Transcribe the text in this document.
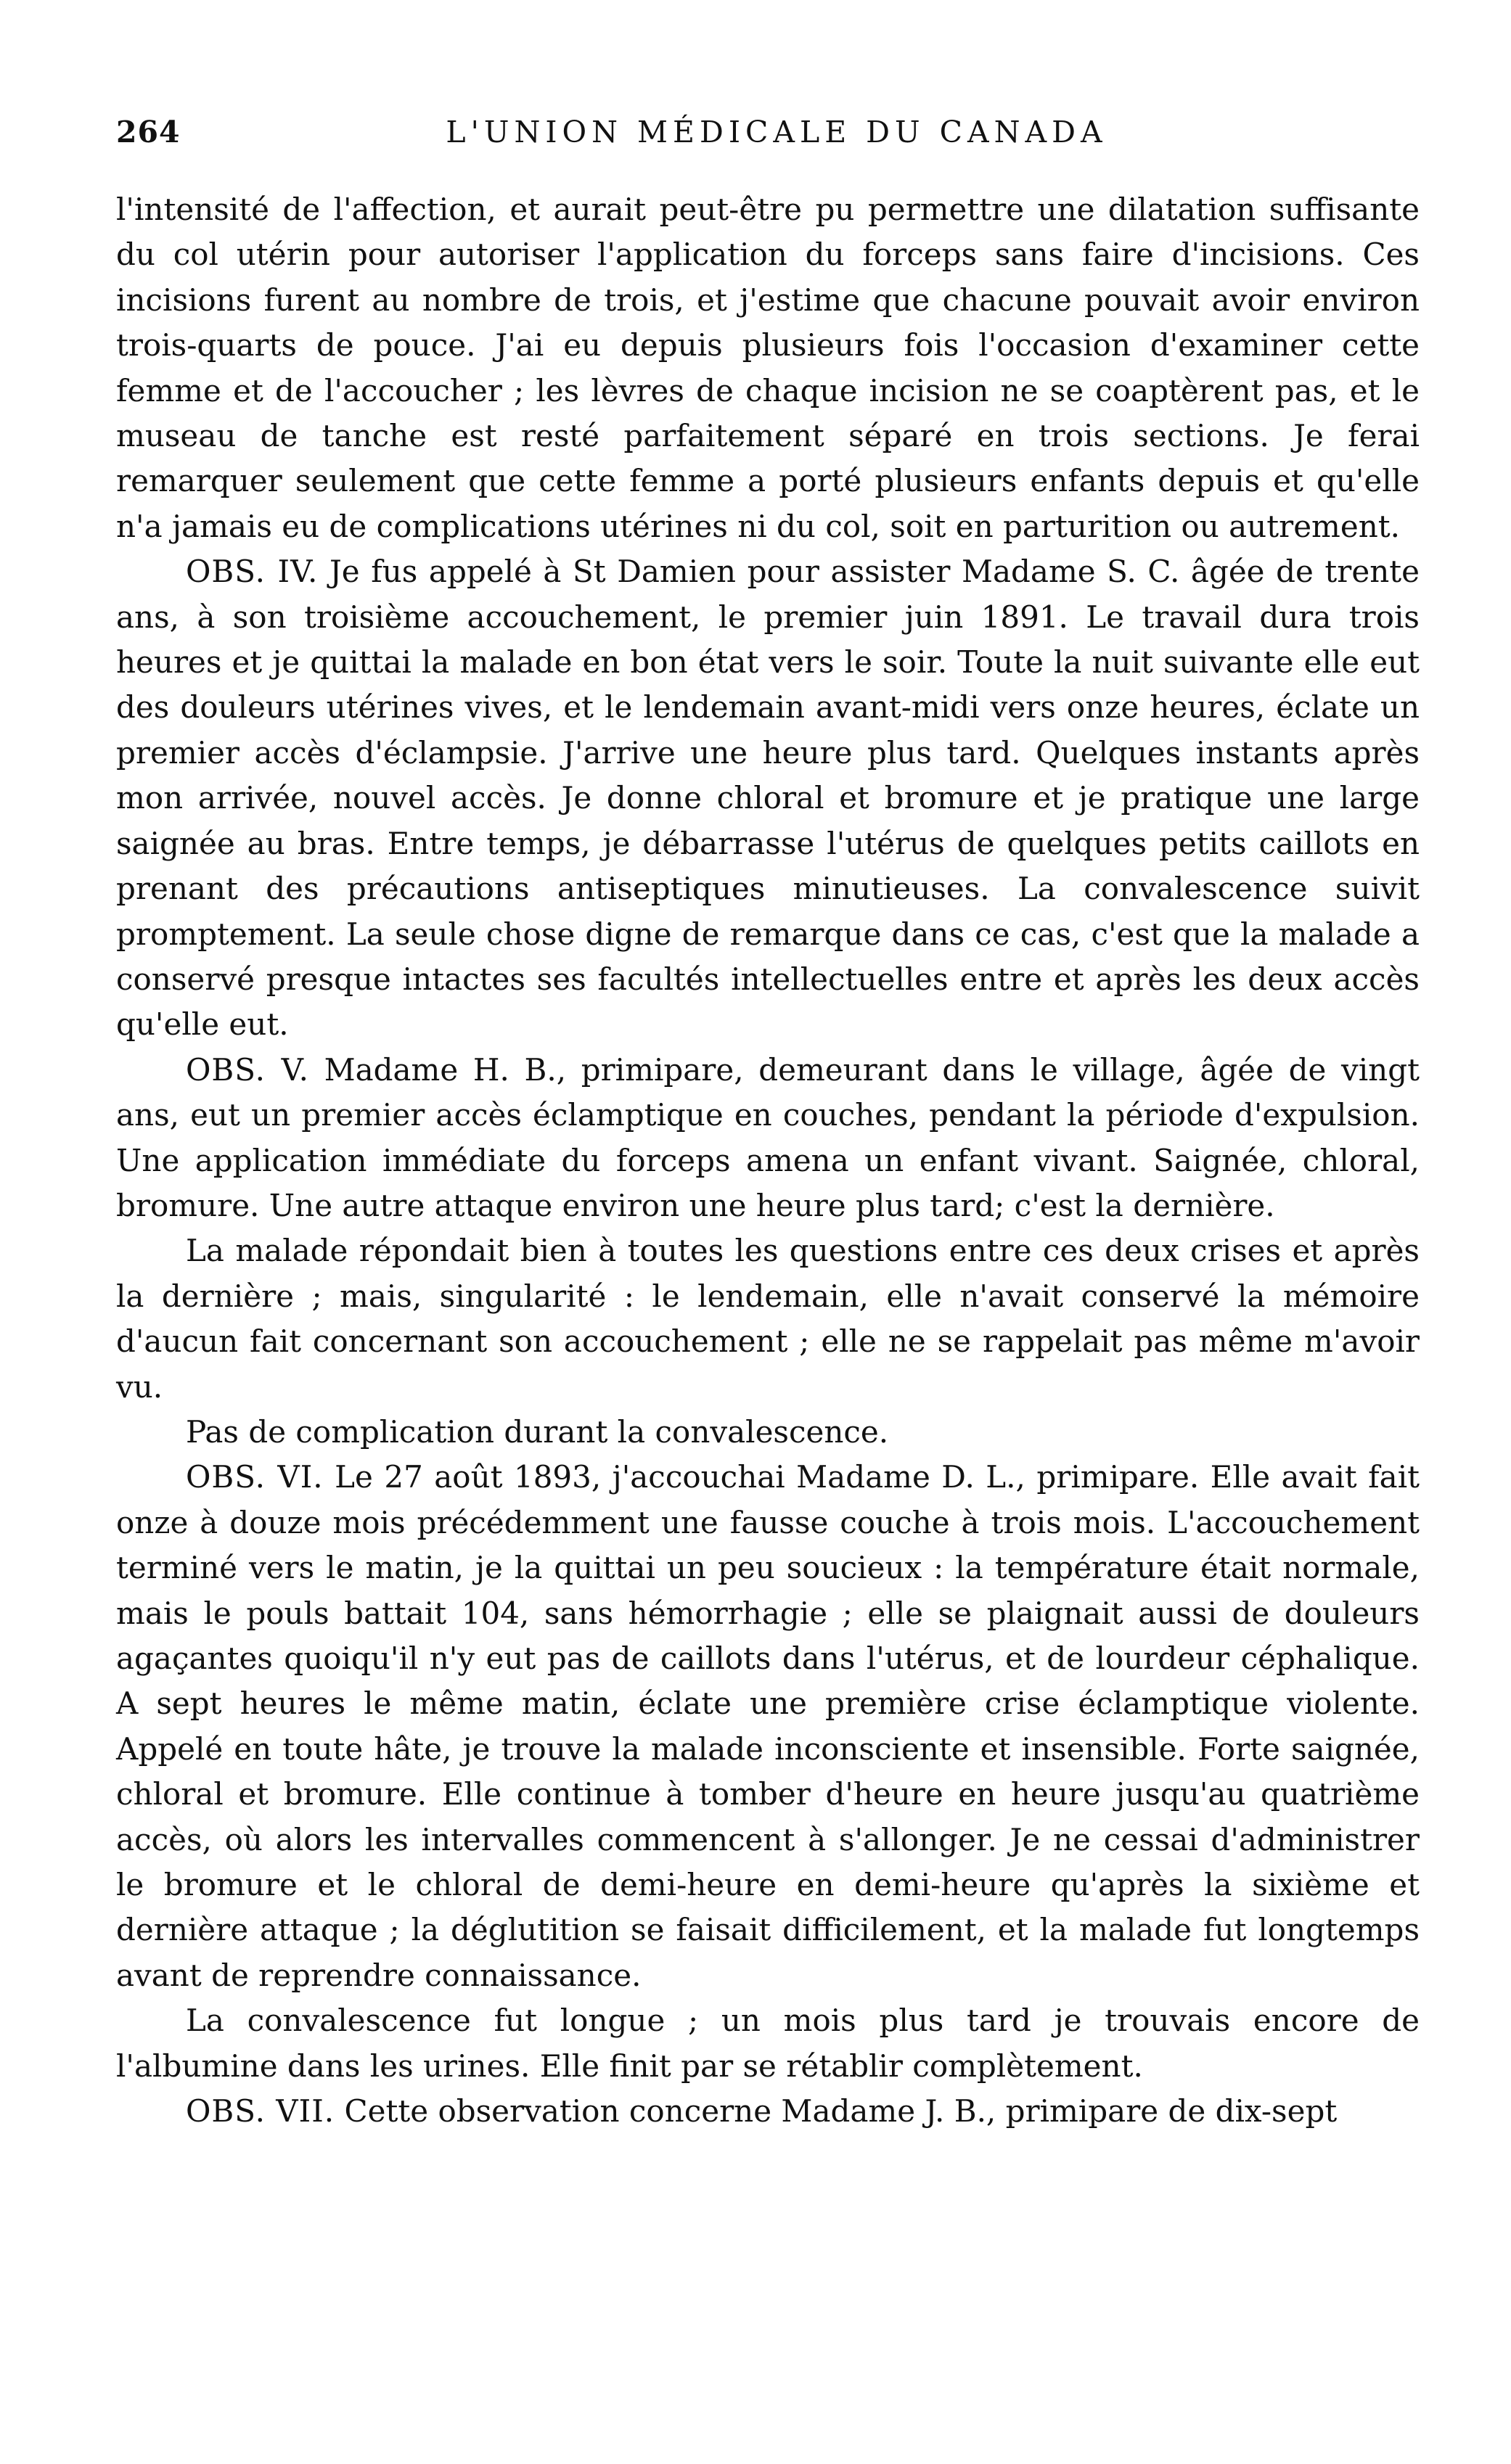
264	L'UNION MÉDICALE DU CANADA

l'intensité de l'affection, et aurait peut-être pu permettre une dilatation suffisante du col utérin pour autoriser l'application du forceps sans faire d'incisions. Ces incisions furent au nombre de trois, et j'estime que chacune pouvait avoir environ trois-quarts de pouce. J'ai eu depuis plusieurs fois l'occasion d'examiner cette femme et de l'accoucher ; les lèvres de chaque incision ne se coaptèrent pas, et le museau de tanche est resté parfaitement séparé en trois sections. Je ferai remarquer seulement que cette femme a porté plusieurs enfants depuis et qu'elle n'a jamais eu de complications utérines ni du col, soit en parturition ou autrement.

OBS. IV. Je fus appelé à St Damien pour assister Madame S. C. âgée de trente ans, à son troisième accouchement, le premier juin 1891. Le travail dura trois heures et je quittai la malade en bon état vers le soir. Toute la nuit suivante elle eut des douleurs utérines vives, et le lendemain avant-midi vers onze heures, éclate un premier accès d'éclampsie. J'arrive une heure plus tard. Quelques instants après mon arrivée, nouvel accès. Je donne chloral et bromure et je pratique une large saignée au bras. Entre temps, je débarrasse l'utérus de quelques petits caillots en prenant des précautions antiseptiques minutieuses. La convalescence suivit promptement. La seule chose digne de remarque dans ce cas, c'est que la malade a conservé presque intactes ses facultés intellectuelles entre et après les deux accès qu'elle eut.

OBS. V. Madame H. B., primipare, demeurant dans le village, âgée de vingt ans, eut un premier accès éclamptique en couches, pendant la période d'expulsion. Une application immédiate du forceps amena un enfant vivant. Saignée, chloral, bromure. Une autre attaque environ une heure plus tard; c'est la dernière.

La malade répondait bien à toutes les questions entre ces deux crises et après la dernière ; mais, singularité : le lendemain, elle n'avait conservé la mémoire d'aucun fait concernant son accouchement ; elle ne se rappelait pas même m'avoir vu.

Pas de complication durant la convalescence.

OBS. VI. Le 27 août 1893, j'accouchai Madame D. L., primipare. Elle avait fait onze à douze mois précédemment une fausse couche à trois mois. L'accouchement terminé vers le matin, je la quittai un peu soucieux : la température était normale, mais le pouls battait 104, sans hémorrhagie ; elle se plaignait aussi de douleurs agaçantes quoiqu'il n'y eut pas de caillots dans l'utérus, et de lourdeur céphalique. A sept heures le même matin, éclate une première crise éclamptique violente. Appelé en toute hâte, je trouve la malade inconsciente et insensible. Forte saignée, chloral et bromure. Elle continue à tomber d'heure en heure jusqu'au quatrième accès, où alors les intervalles commencent à s'allonger. Je ne cessai d'administrer le bromure et le chloral de demi-heure en demi-heure qu'après la sixième et dernière attaque ; la déglutition se faisait difficilement, et la malade fut longtemps avant de reprendre connaissance.

La convalescence fut longue ; un mois plus tard je trouvais encore de l'albumine dans les urines. Elle finit par se rétablir complètement.

OBS. VII. Cette observation concerne Madame J. B., primipare de dix-sept
